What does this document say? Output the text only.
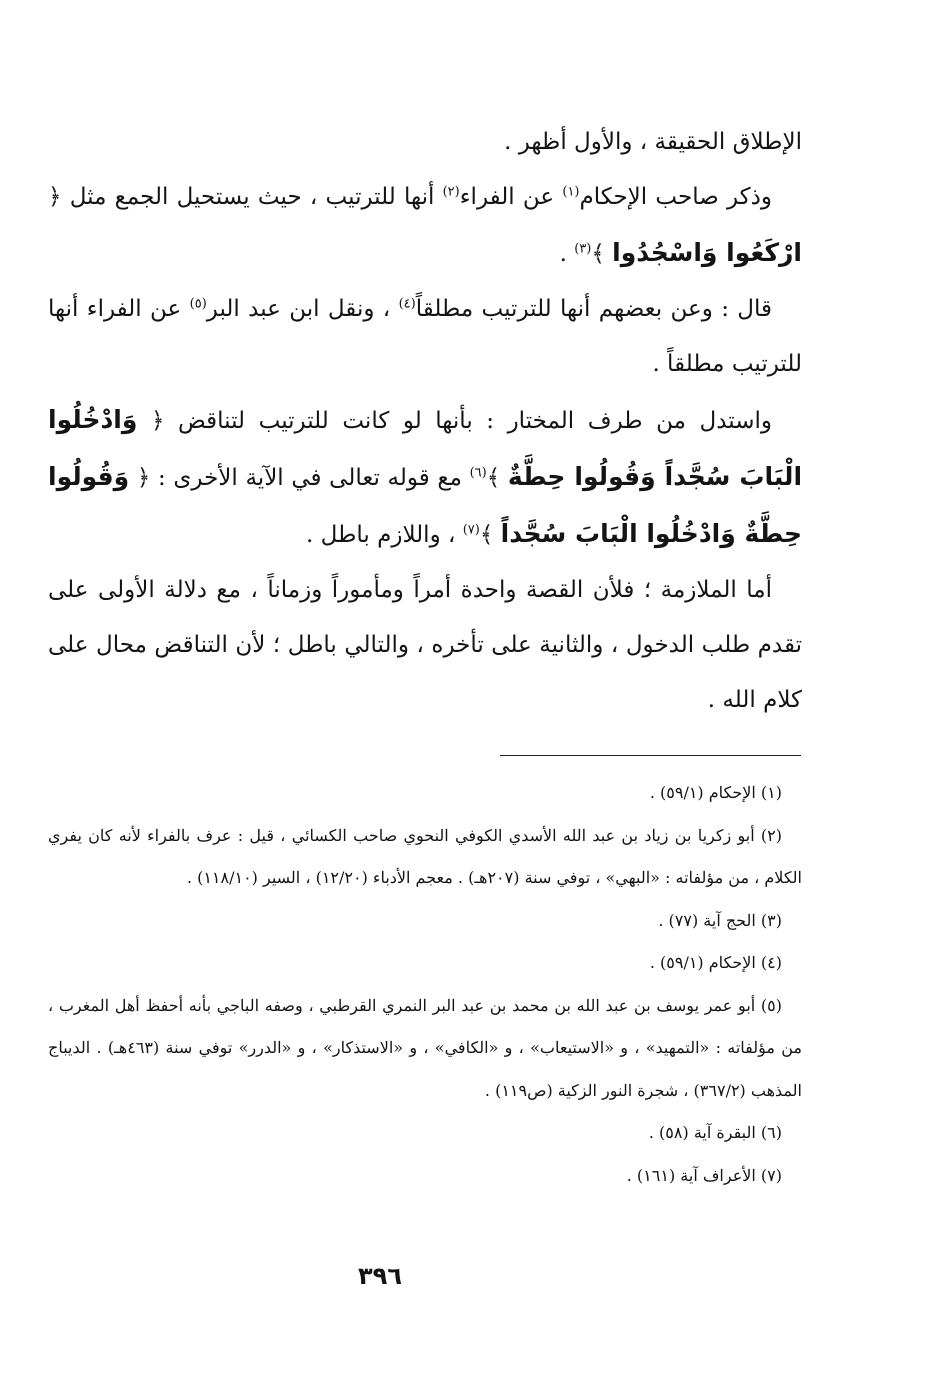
الإطلاق الحقيقة ، والأول أظهر .

وذكر صاحب الإحكام$^{(١)}$ عن الفراء$^{(٢)}$ أنها للترتيب ، حيث يستحيل الجمع مثل ﴿ ارْكَعُوا وَاسْجُدُوا ﴾$^{(٣)}$ .

قال : وعن بعضهم أنها للترتيب مطلقاً$^{(٤)}$ ، ونقل ابن عبد البر$^{(٥)}$ عن الفراء أنها للترتيب مطلقاً .

واستدل من طرف المختار : بأنها لو كانت للترتيب لتناقض ﴿ وَادْخُلُوا الْبَابَ سُجَّداً وَقُولُوا حِطَّةٌ ﴾$^{(٦)}$ مع قوله تعالى في الآية الأخرى : ﴿ وَقُولُوا حِطَّةٌ وَادْخُلُوا الْبَابَ سُجَّداً ﴾$^{(٧)}$ ، واللازم باطل .

أما الملازمة ؛ فلأن القصة واحدة أمراً ومأموراً وزماناً ، مع دلالة الأولى على تقدم طلب الدخول ، والثانية على تأخره ، والتالي باطل ؛ لأن التناقض محال على كلام الله .

(١) الإحكام (٥٩/١) .

(٢) أبو زكريا بن زياد بن عبد الله الأسدي الكوفي النحوي صاحب الكسائي ، قيل : عرف بالفراء لأنه كان يفري الكلام ، من مؤلفاته : «البهي» ، توفي سنة (٢٠٧هـ) . معجم الأدباء (١٢/٢٠) ، السير (١١٨/١٠) .

(٣) الحج آية (٧٧) .

(٤) الإحكام (٥٩/١) .

(٥) أبو عمر يوسف بن عبد الله بن محمد بن عبد البر النمري القرطبي ، وصفه الباجي بأنه أحفظ أهل المغرب ، من مؤلفاته : «التمهيد» ، و «الاستيعاب» ، و «الكافي» ، و «الاستذكار» ، و «الدرر» توفي سنة (٤٦٣هـ) . الديباج المذهب (٣٦٧/٢) ، شجرة النور الزكية (ص١١٩) .

(٦) البقرة آية (٥٨) .

(٧) الأعراف آية (١٦١) .

٣٩٦
